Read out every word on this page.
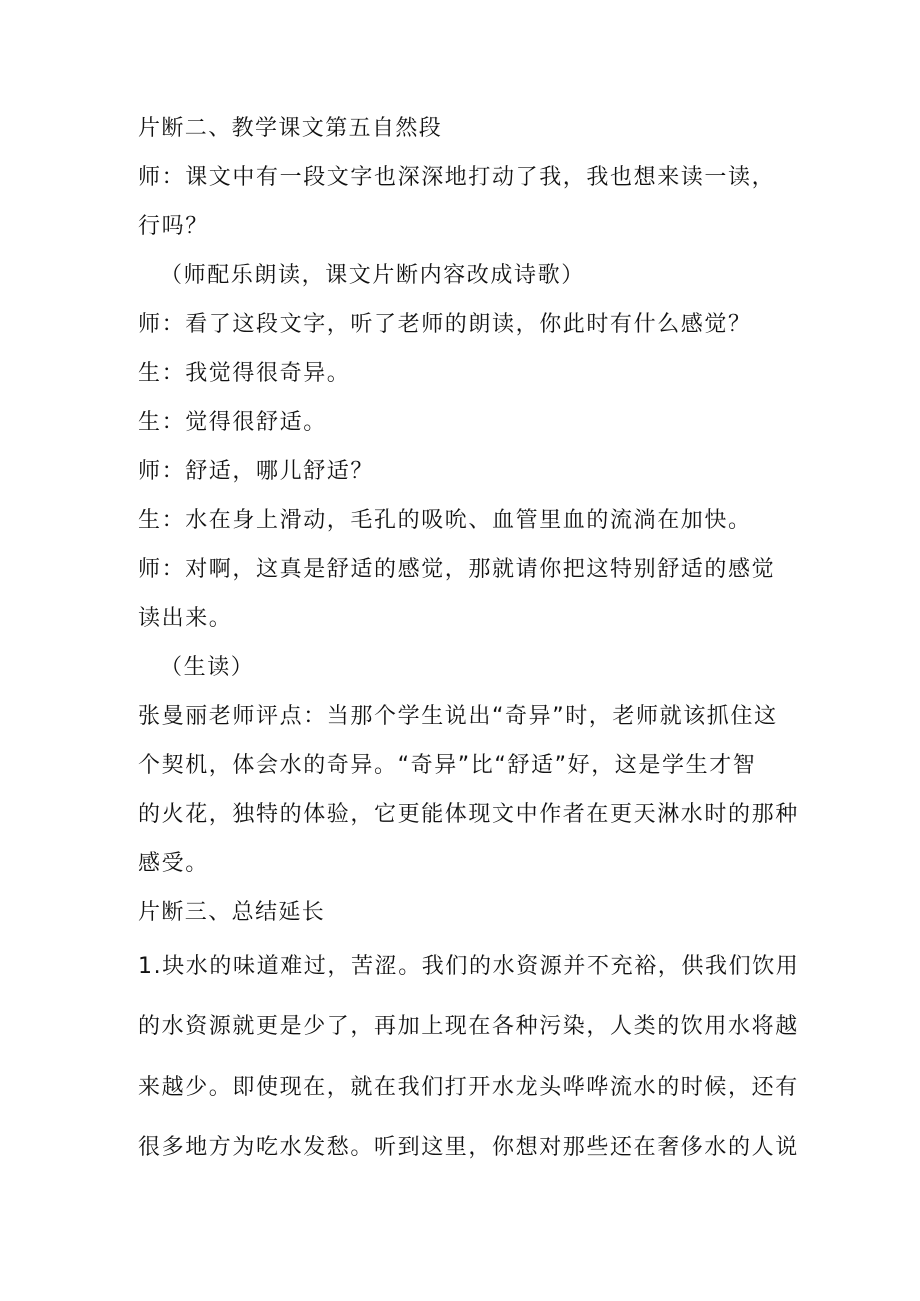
片断二、教学课文第五自然段

师：课文中有一段文字也深深地打动了我，我也想来读一读，

行吗？

（师配乐朗读，课文片断内容改成诗歌）

师：看了这段文字，听了老师的朗读，你此时有什么感觉？

生：我觉得很奇异。

生：觉得很舒适。

师：舒适，哪儿舒适？

生：水在身上滑动，毛孔的吸吮、血管里血的流淌在加快。

师：对啊，这真是舒适的感觉，那就请你把这特别舒适的感觉

读出来。

（生读）

张曼丽老师评点：当那个学生说出“奇异”时，老师就该抓住这

个契机，体会水的奇异。“奇异”比“舒适”好，这是学生才智

的火花，独特的体验，它更能体现文中作者在更天淋水时的那种

感受。

片断三、总结延长

1.块水的味道难过，苦涩。我们的水资源并不充裕，供我们饮用

的水资源就更是少了，再加上现在各种污染，人类的饮用水将越

来越少。即使现在，就在我们打开水龙头哗哗流水的时候，还有

很多地方为吃水发愁。听到这里，你想对那些还在奢侈水的人说
